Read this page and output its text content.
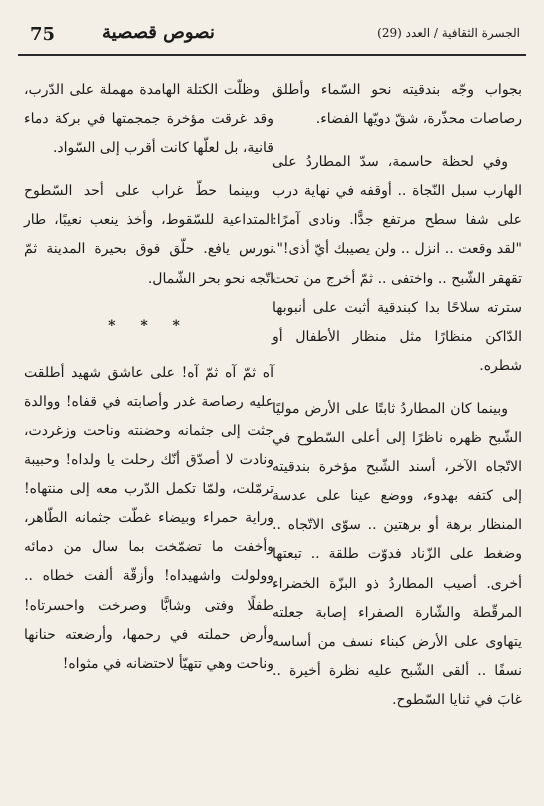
75	نصوص قصصية	الجسرة الثقافية / العدد (29)

بجواب وجّه بندقيته نحو السّماء وأطلق رصاصات محذّرة، شقّ دويّها الفضاء.

وفي لحظة حاسمة، سدّ المطاردُ على الهارب سبل النّجاة .. أوقفه في نهاية درب على شفا سطح مرتفع جدًّا. ونادى آمرًا: "لقد وقعت .. انزل .. ولن يصيبك أيّ أذى!". تقهقر الشّبح .. واختفى .. ثمّ أخرج من تحت سترته سلاحًا بدا كبندقية أثبت على أنبوبها الدّاكن منظارًا مثل منظار الأطفال أو شطره.

وبينما كان المطاردُ ثابتًا على الأرض موليًا الشّبح ظهره ناظرًا إلى أعلى السّطوح في الاتّجاه الآخر، أسند الشّبح مؤخرة بندقيته إلى كتفه بهدوء، ووضع عينا على عدسة المنظار برهة أو برهتين .. سوّى الاتّجاه .. وضغط على الزّناد فدوّت طلقة .. تبعتها أخرى. أصيب المطاردُ ذو البزّة الخضراء المرقّطة والشّارة الصفراء إصابة جعلته يتهاوى على الأرض كبناء نسف من أساسه نسفًا .. ألقى الشّبح عليه نظرة أخيرة .. غابَ في ثنايا السّطوح.

وظلّت الكتلة الهامدة مهملة على الدّرب، وقد غرقت مؤخرة جمجمتها في بركة دماء قانية، بل لعلّها كانت أقرب إلى السّواد.

وبينما حطّ غراب على أحد السّطوح المتداعية للسّقوط، وأخذ ينعب نعيبًا، طار نورس يافع. حلّق فوق بحيرة المدينة ثمّ اتّجه نحو بحر الشّمال.

* * *

آه ثمّ آه ثمّ آه! على عاشق شهيد أطلقت عليه رصاصة غدر وأصابته في قفاه! ووالدة جثت إلى جثمانه وحضنته وناحت وزغردت، ونادت لا أصدّق أنّك رحلت يا ولداه! وحبيبة ترمّلت، ولمّا تكمل الدّرب معه إلى منتهاه! وراية حمراء وبيضاء غطّت جثمانه الطّاهر، وأخفت ما تضمّخت بما سال من دمائه وولولت واشهيداه! وأزقّة ألفت خطاه .. طفلًا وفتى وشابًّا وصرخت واحسرتاه! وأرض حملته في رحمها، وأرضعته حنانها وناحت وهي تتهيّأ لاحتضانه في مثواه!
